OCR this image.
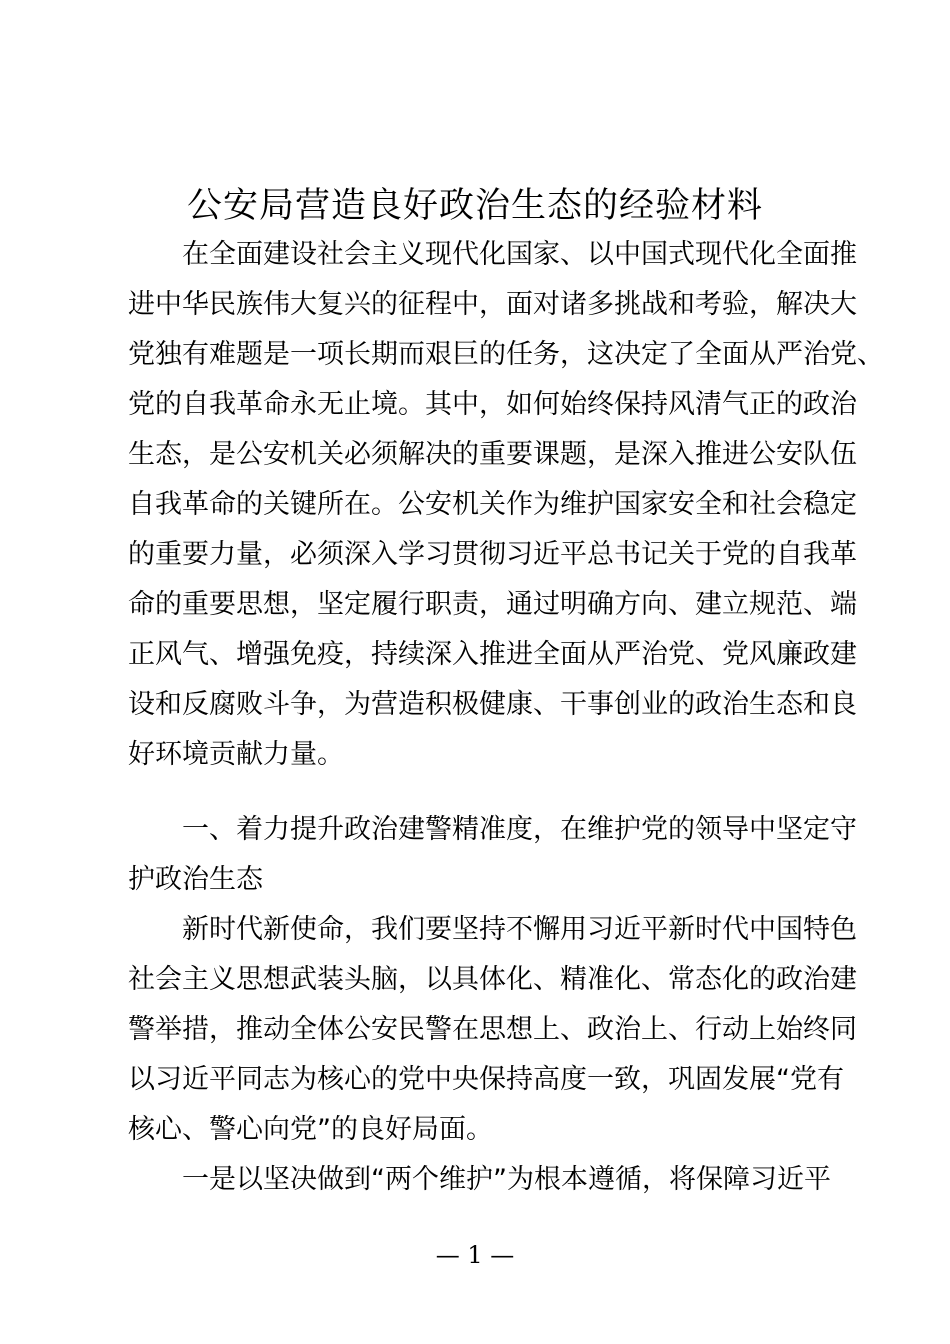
公安局营造良好政治生态的经验材料
　　在全面建设社会主义现代化国家、以中国式现代化全面推
进中华民族伟大复兴的征程中，面对诸多挑战和考验，解决大
党独有难题是一项长期而艰巨的任务，这决定了全面从严治党、
党的自我革命永无止境。其中，如何始终保持风清气正的政治
生态，是公安机关必须解决的重要课题，是深入推进公安队伍
自我革命的关键所在。公安机关作为维护国家安全和社会稳定
的重要力量，必须深入学习贯彻习近平总书记关于党的自我革
命的重要思想，坚定履行职责，通过明确方向、建立规范、端
正风气、增强免疫，持续深入推进全面从严治党、党风廉政建
设和反腐败斗争，为营造积极健康、干事创业的政治生态和良
好环境贡献力量。
　　一、着力提升政治建警精准度，在维护党的领导中坚定守
护政治生态
　　新时代新使命，我们要坚持不懈用习近平新时代中国特色
社会主义思想武装头脑，以具体化、精准化、常态化的政治建
警举措，推动全体公安民警在思想上、政治上、行动上始终同
以习近平同志为核心的党中央保持高度一致，巩固发展“党有
核心、警心向党”的良好局面。
　　一是以坚决做到“两个维护”为根本遵循，将保障习近平
— 1 —
